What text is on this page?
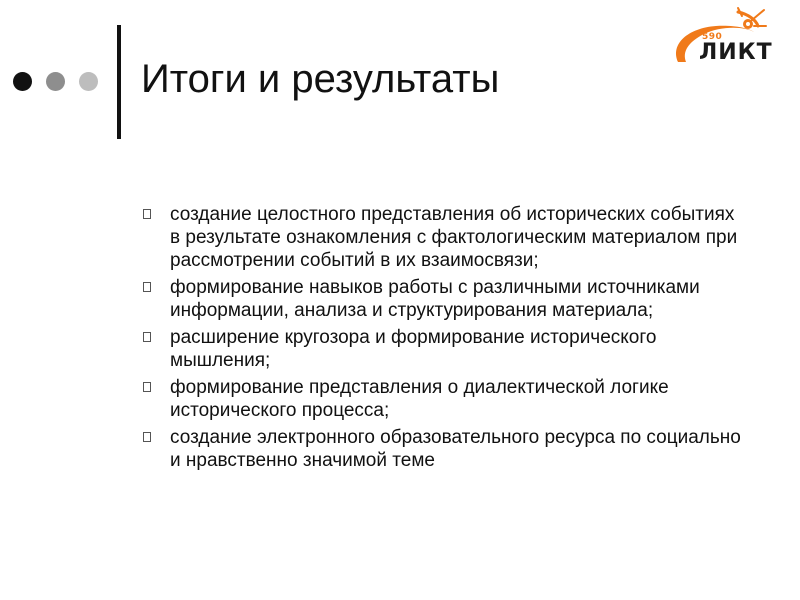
Итоги и результаты
590
ЛИКТ
создание целостного представления об исторических событиях в результате ознакомления с фактологическим материалом при рассмотрении событий в их взаимосвязи;
формирование навыков работы с различными источниками информации, анализа и структурирования материала;
расширение кругозора и формирование исторического мышления;
формирование представления о диалектической логике исторического процесса;
создание электронного образовательного ресурса по социально и нравственно значимой теме
